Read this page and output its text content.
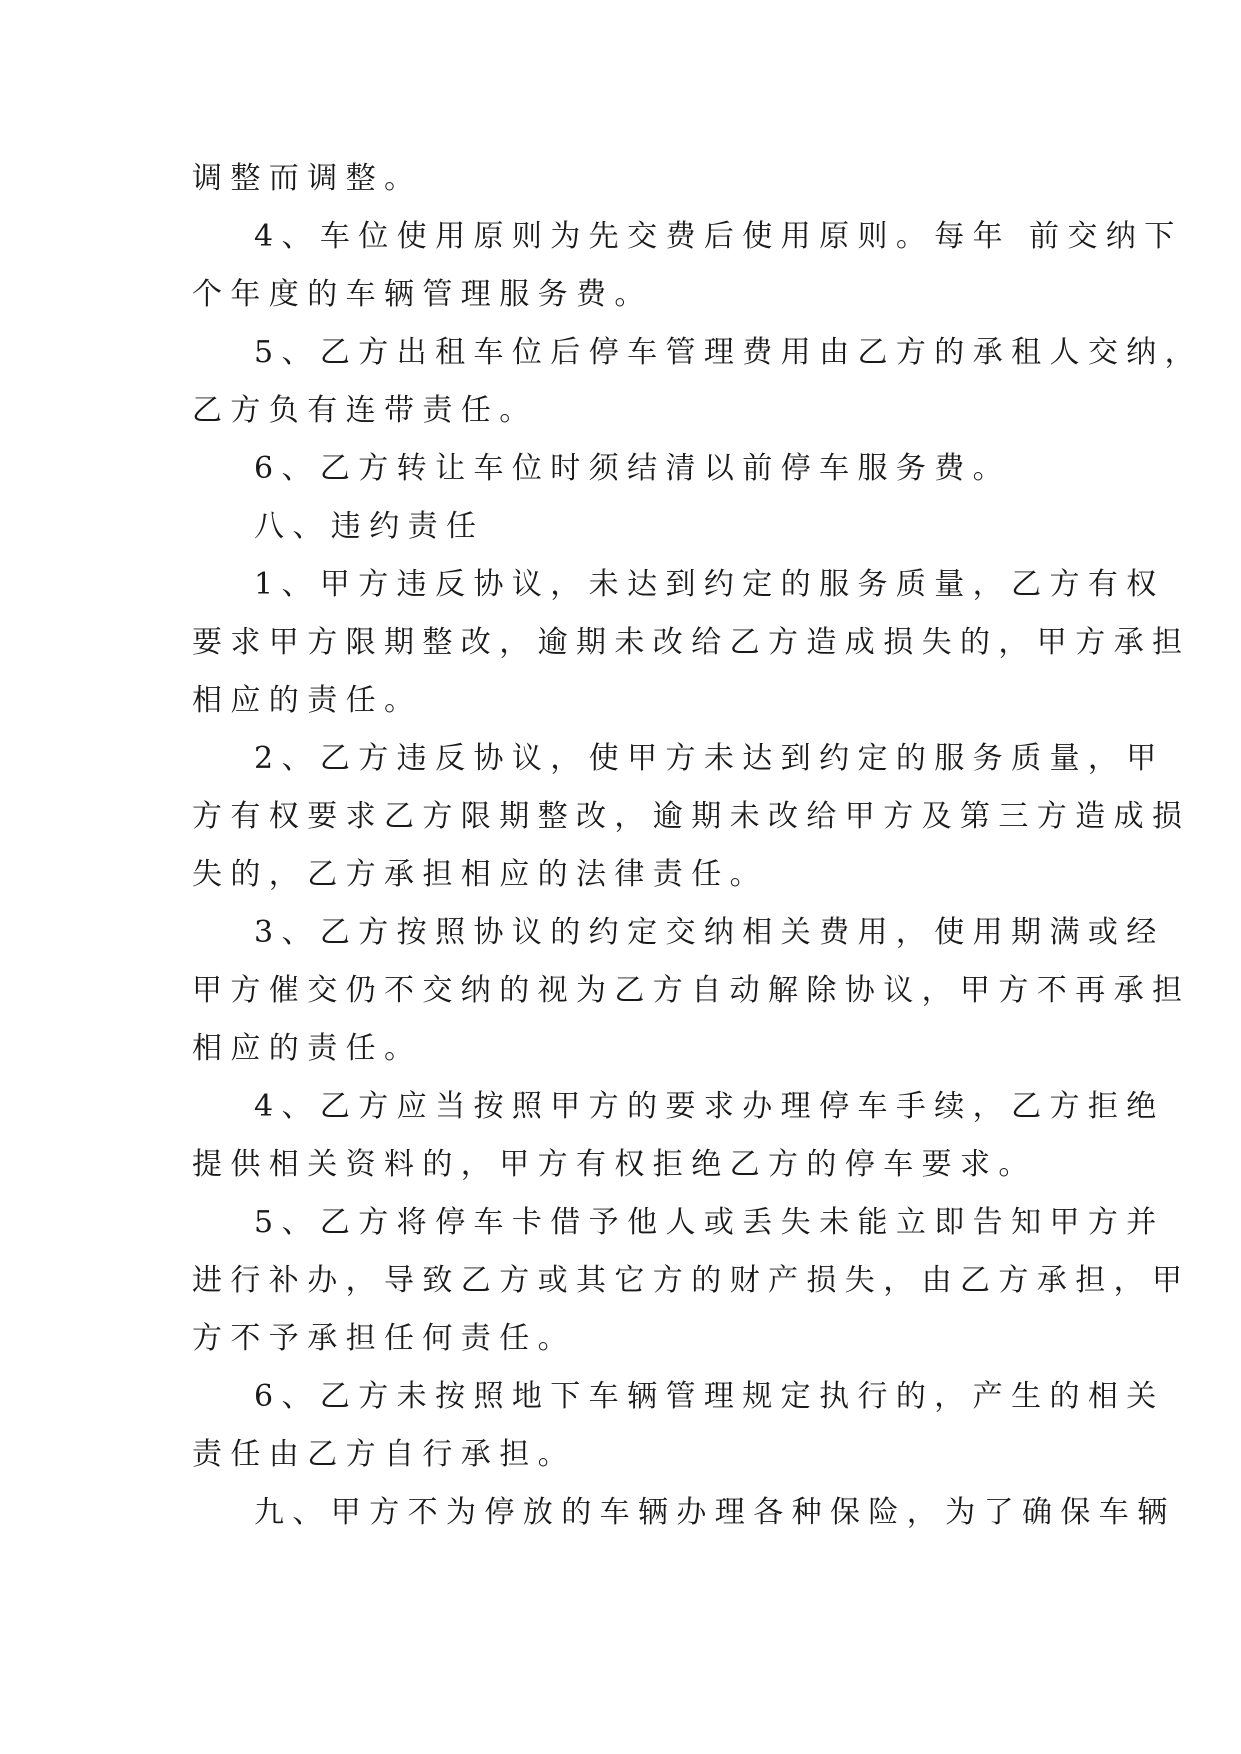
调整而调整。
4、车位使用原则为先交费后使用原则。每年 前交纳下
个年度的车辆管理服务费。
5、乙方出租车位后停车管理费用由乙方的承租人交纳，
乙方负有连带责任。
6、乙方转让车位时须结清以前停车服务费。
八、违约责任
1、甲方违反协议，未达到约定的服务质量，乙方有权
要求甲方限期整改，逾期未改给乙方造成损失的，甲方承担
相应的责任。
2、乙方违反协议，使甲方未达到约定的服务质量，甲
方有权要求乙方限期整改，逾期未改给甲方及第三方造成损
失的，乙方承担相应的法律责任。
3、乙方按照协议的约定交纳相关费用，使用期满或经
甲方催交仍不交纳的视为乙方自动解除协议，甲方不再承担
相应的责任。
4、乙方应当按照甲方的要求办理停车手续，乙方拒绝
提供相关资料的，甲方有权拒绝乙方的停车要求。
5、乙方将停车卡借予他人或丢失未能立即告知甲方并
进行补办，导致乙方或其它方的财产损失，由乙方承担，甲
方不予承担任何责任。
6、乙方未按照地下车辆管理规定执行的，产生的相关
责任由乙方自行承担。
九、甲方不为停放的车辆办理各种保险，为了确保车辆
